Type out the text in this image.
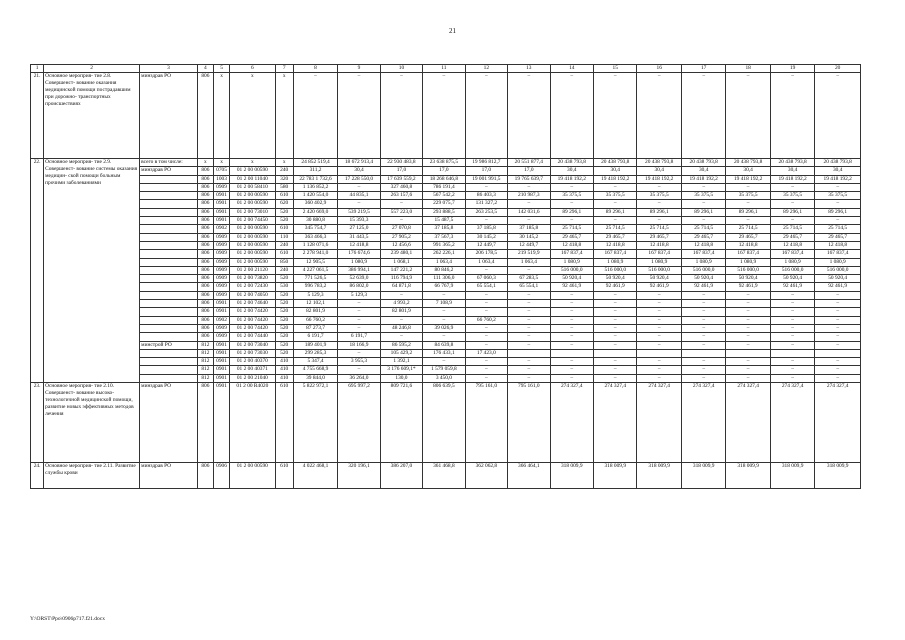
21
1	2	3	4	5	6	7	8	9	10	11	12	13	14	15	16	17	18	19	20
21.	Основное мероприя- тие 2.8. Совершенст- вование оказания медицинской помощи пострадавшим при дорожно- транспортных происшествиях	минздрав РО	806	x	x	x	–	–	–	–	–	–	–	–	–	–	–	–	–
22.	Основное мероприя- тие 2.9. Совершенст- вование системы оказания медицин- ской помощи больным прочими заболеваниями	всего в том числе:	x	x	x	x	24 852 519,4	18 672 913,4	22 930 483,8	23 638 875,5	19 986 812,7	20 551 877,4	20 438 793,8	20 438 793,8	20 438 793,8	20 438 793,8	20 438 793,8	20 438 793,8	20 438 793,8
		минздрав РО	806	0705	01 2 00 00590	240	311,2	30,4	17,0	17,0	17,0	17,0	30,4	30,4	30,4	30,4	30,4	30,4	30,4
			806	1003	01 2 00 11040	320	22 783 1 732,6	17 228 550,0	17 639 559,2	18 268 646,8	19 001 991,5	19 765 639,7	19 418 192,2	19 418 192,2	19 418 192,2	19 418 192,2	19 418 192,2	19 418 192,2	19 418 192,2
			806	0909	01 2 00 58410	580	1 136 852,2	–	327 460,8	786 191,4	–	–	–	–	–	–	–	–	–
			806	0901	01 2 00 00590	610	1 420 554,0	44 835,1	263 157,6	567 542,2	86 403,3	210 987,3	35 375,5	35 375,5	35 375,5	35 375,5	35 375,5	35 375,5	35 375,5
			806	0901	01 2 00 00590	620	360 402,9	–	–	229 075,7	131 327,2	–	–	–	–	–	–	–	–
			806	0901	01 2 00 73010	520	2 420 669,0	539 219,5	557 223,0	293 888,5	263 253,5	142 031,6	89 296,1	89 296,1	89 296,1	89 296,1	89 296,1	89 296,1	89 296,1
			806	0901	01 2 00 74450	520	30 880,8	15 393,3	–	15 487,5	–	–	–	–	–	–	–	–	–
			806	0902	01 2 00 00590	610	345 754,7	27 125,0	27 070,8	37 185,8	37 185,8	37 185,8	25 714,5	25 714,5	25 714,5	25 714,5	25 714,5	25 714,5	25 714,5
			806	0909	01 2 00 00590	110	363 466,3	31 443,5	27 905,2	37 567,3	30 145,2	30 145,2	29 465,7	29 465,7	29 465,7	29 465,7	29 465,7	29 465,7	29 465,7
			806	0909	01 2 00 00590	240	1 128 071,6	12 418,8	12 456,6	991 365,2	12 449,7	12 449,7	12 418,8	12 418,8	12 418,8	12 418,8	12 418,8	12 418,8	12 418,8
			806	0909	01 2 00 00590	610	2 278 941,0	176 674,6	239 480,1	262 226,1	206 178,5	219 519,9	167 837,4	167 837,4	167 837,4	167 837,4	167 837,4	167 837,4	167 837,4
			806	0909	01 2 00 00590	850	12 905,5	1 080,9	1 068,1	1 063,4	1 063,4	1 063,4	1 080,9	1 080,9	1 080,9	1 080,9	1 080,9	1 080,9	1 080,9
			806	0909	01 2 00 21120	240	4 227 061,5	386 994,1	147 221,2	80 846,2	–	–	516 000,0	516 000,0	516 000,0	516 000,0	516 000,0	516 000,0	516 000,0
			806	0909	01 2 00 73820	520	771 526,5	52 639,0	116 794,9	111 306,0	67 060,3	67 283,5	50 920,4	50 920,4	50 920,4	50 920,4	50 920,4	50 920,4	50 920,4
			806	0909	01 2 00 72430	530	996 783,2	86 802,0	64 871,8	66 767,9	65 554,1	65 554,1	92 461,9	92 461,9	92 461,9	92 461,9	92 461,9	92 461,9	92 461,9
			806	0909	01 2 00 74050	520	5 129,3	5 129,3	–	–	–	–	–	–	–	–	–	–	–
			806	0901	01 2 00 74640	520	12 102,1	–	4 993,2	7 108,9	–	–	–	–	–	–	–	–	–
			806	0901	01 2 00 74420	520	82 801,9	–	82 801,9	–	–	–	–	–	–	–	–	–	–
			806	0902	01 2 00 74420	520	66 760,2	–	–	–	66 760,2	–	–	–	–	–	–	–	–
			806	0909	01 2 00 74420	520	87 273,7	–	48 246,8	39 026,9	–	–	–	–	–	–	–	–	–
			806	0909	01 2 00 74440	520	6 191,7	6 191,7	–	–	–	–	–	–	–	–	–	–	–
		минстрой РО	812	0901	01 2 00 73040	520	189 401,9	18 166,9	86 595,2	84 639,8	–	–	–	–	–	–	–	–	–
			812	0901	01 2 00 73030	520	299 285,3	–	105 429,2	176 433,1	17 423,0								
			812	0901	01 2 00 40370	410	5 347,4	3 955,3	1 392,1	–	–	–	–	–	–	–	–	–	–
			812	0901	01 2 00 40371	410	4 755 668,9	–	3 176 609,1*	1 579 059,8	–	–	–	–	–	–	–	–	–
			812	0901	01 2 00 21040	410	39 844,0	36 264,0	130,0	3 450,0	–	–	–	–	–	–	–	–	–
23.	Основное мероприя- тие 2.10. Совершенст- вование высоко- технологичной медицинской помощи, развитие новых эффективных методов лечения	минздрав РО	806	0901	01 2 00 R4020	610	5 822 972,1	695 997,2	809 721,6	806 639,5	795 161,0	795 161,0	274 327,4	274 327,4	274 327,4	274 327,4	274 327,4	274 327,4	274 327,4
24.	Основное мероприя- тие 2.11. Развитие службы крови	минздрав РО	806	0906	01 2 00 00590	610	4 022 468,1	320 196,1	386 207,0	361 468,8	362 062,8	366 464,1	318 009,9	318 009,9	318 009,9	318 009,9	318 009,9	318 009,9	318 009,9
Y:\ORST\Ppo\0906p717.f21.docx
